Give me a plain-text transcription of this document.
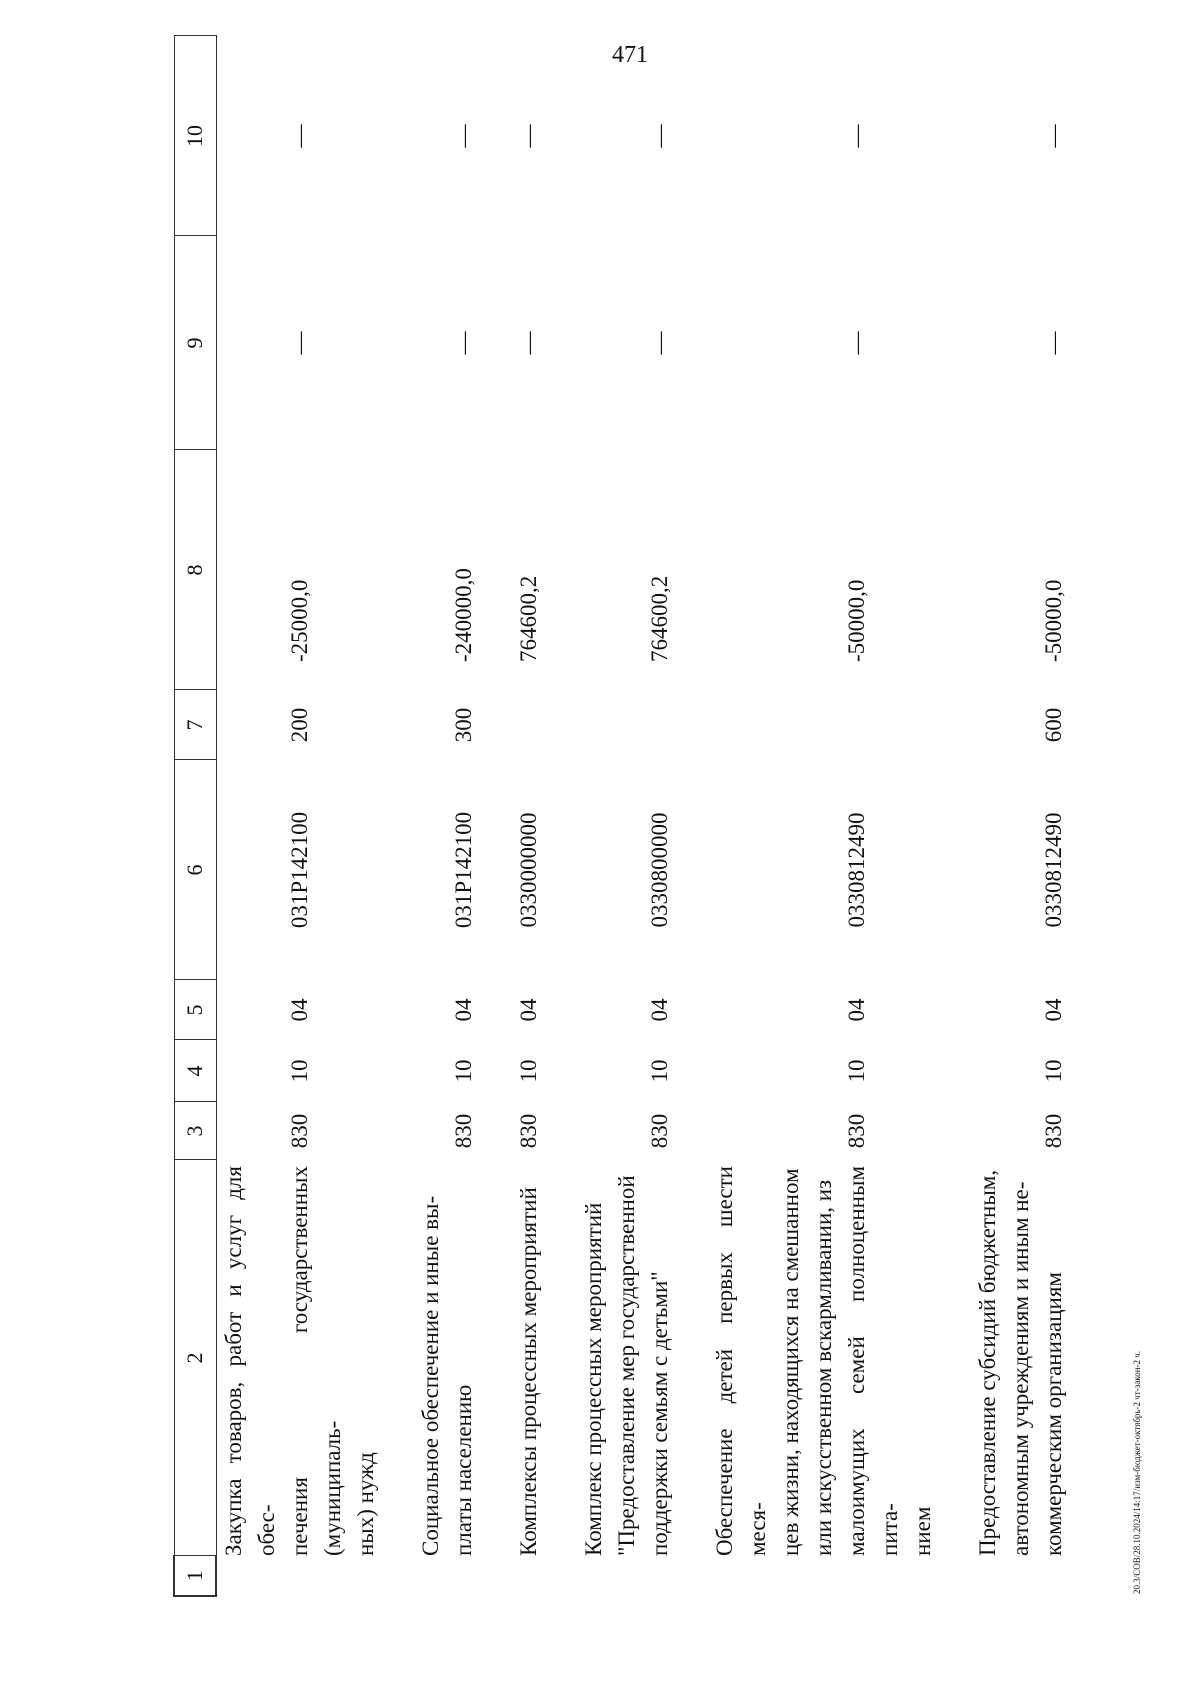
471
1	2	3	4	5	6	7	8	9	10

	Закупка товаров, работ и услуг для обес- печения государственных (муниципаль- ных) нужд	830	10	04	031P142100	200	-25000,0	—	—

	Социальное обеспечение и иные вы- платы населению	830	10	04	031P142100	300	-240000,0	—	—

	Комплексы процессных мероприятий	830	10	04	0330000000		764600,2	—	—

	Комплекс процессных мероприятий "Предоставление мер государственной поддержки семьям с детьми"	830	10	04	0330800000		764600,2	—	—

	Обеспечение детей первых шести меся- цев жизни, находящихся на смешанном или искусственном вскармливании, из малоимущих семей полноценным пита- нием	830	10	04	0330812490		-50000,0	—	—

	Предоставление субсидий бюджетным, автономным учреждениям и иным не- коммерческим организациям	830	10	04	0330812490	600	-50000,0	—	—

20.3/СОВ/28.10.2024/14:17/изм-бюджет-октябрь-2 чт-закон-2 ч.
